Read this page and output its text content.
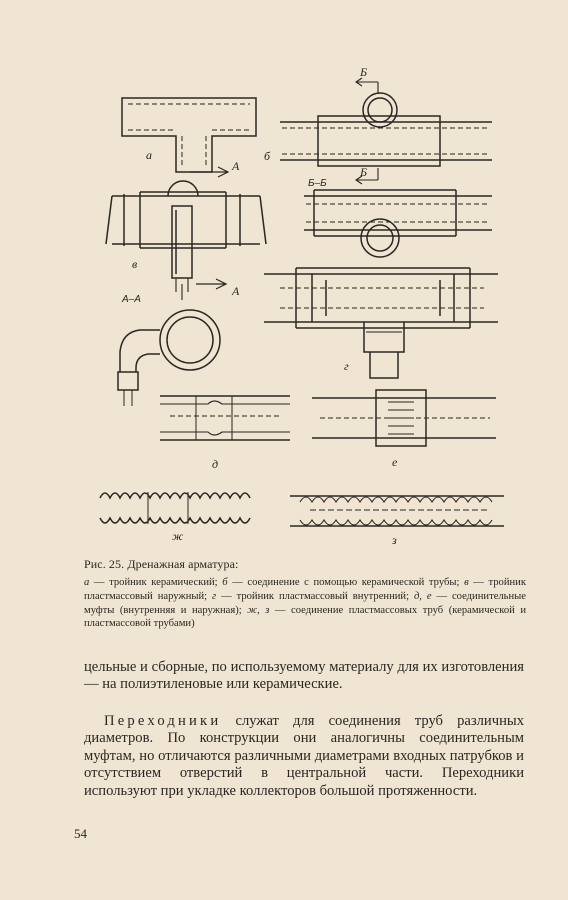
а
А
Б
Б
б
в
А
Б–Б
А–А
г
д	е
ж	з
Рис. 25. Дренажная арматура:
а — тройник керамический; б — соединение с помощью керамической трубы; в — тройник пластмассовый наружный; г — тройник пластмассовый внутренний; д, е — соединительные муфты (внутренняя и наружная); ж, з — соединение пластмассовых труб (керамической и пластмассовой трубами)
цельные и сборные, по используемому материалу для их изготовления — на полиэтиленовые или керамические.
Переходники служат для соединения труб различных диаметров. По конструкции они аналогичны соединительным муфтам, но отличаются различными диаметрами входных патрубков и отсутствием отверстий в центральной части. Переходники используют при укладке коллекторов большой протяженности.
54
